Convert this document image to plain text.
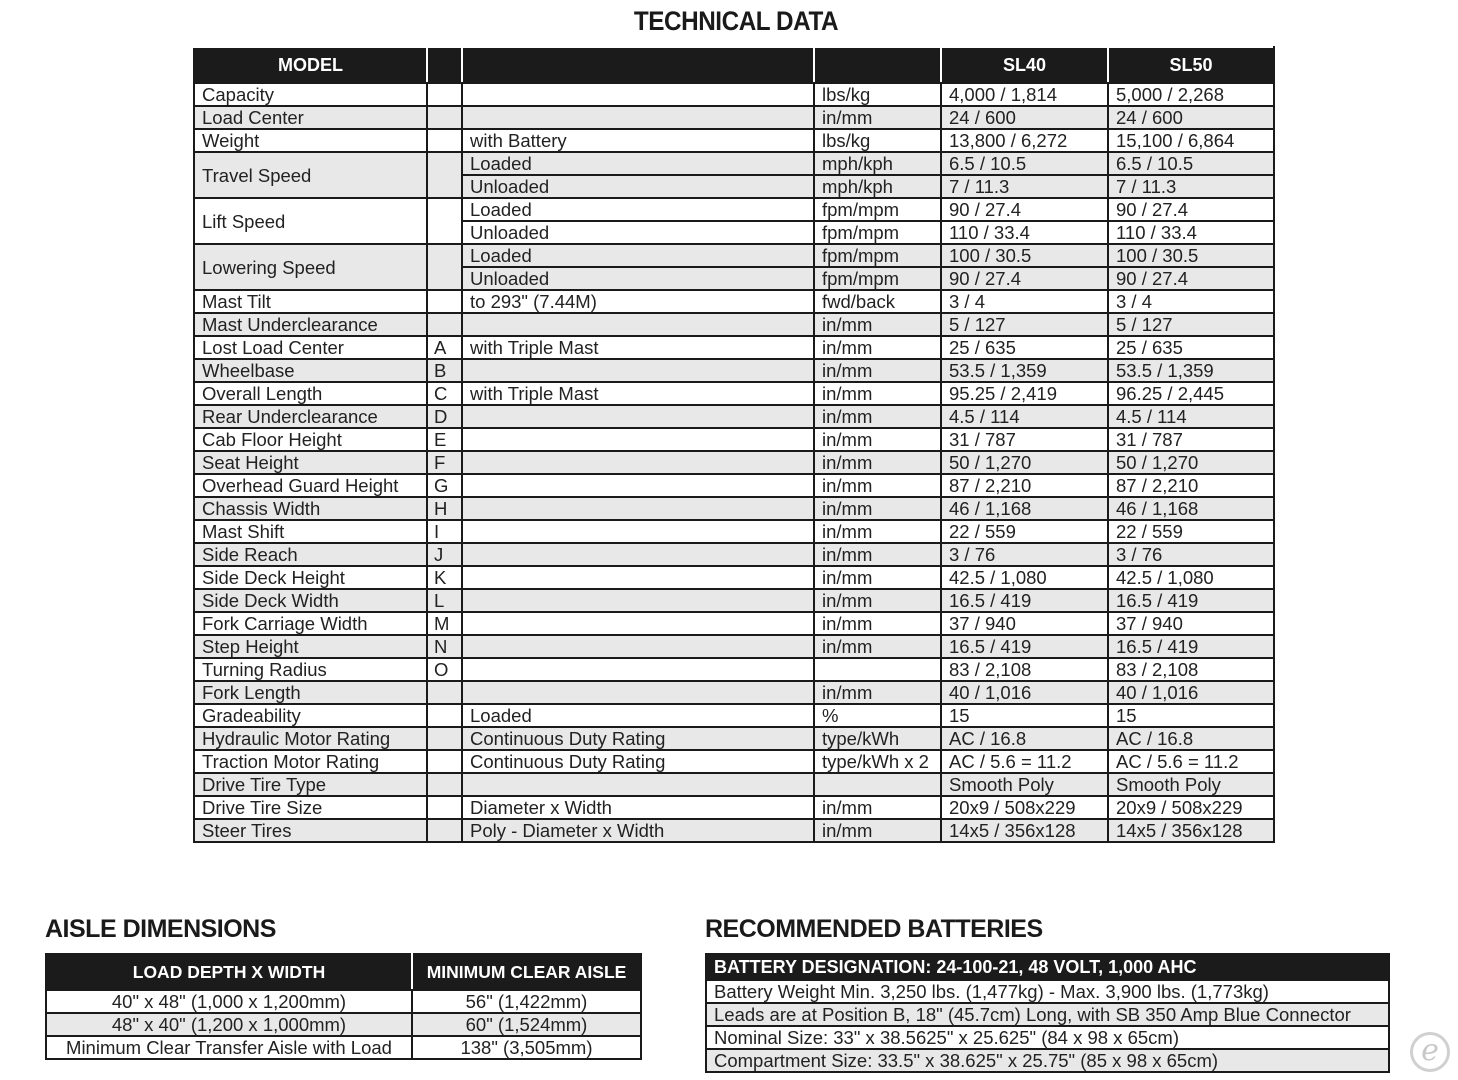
TECHNICAL DATA
MODEL				SL40	SL50
Capacity			lbs/kg	4,000 / 1,814	5,000 / 2,268
Load Center			in/mm	24 / 600	24 / 600
Weight		with Battery	lbs/kg	13,800 / 6,272	15,100 / 6,864
Travel Speed		Loaded	mph/kph	6.5 / 10.5	6.5 / 10.5
		Unloaded	mph/kph	7 / 11.3	7 / 11.3
Lift Speed		Loaded	fpm/mpm	90 / 27.4	90 / 27.4
		Unloaded	fpm/mpm	110 / 33.4	110 / 33.4
Lowering Speed		Loaded	fpm/mpm	100 / 30.5	100 / 30.5
		Unloaded	fpm/mpm	90 / 27.4	90 / 27.4
Mast Tilt		to 293" (7.44M)	fwd/back	3 / 4	3 / 4
Mast Underclearance			in/mm	5 / 127	5 / 127
Lost Load Center	A	with Triple Mast	in/mm	25 / 635	25 / 635
Wheelbase	B		in/mm	53.5 / 1,359	53.5 / 1,359
Overall Length	C	with Triple Mast	in/mm	95.25 / 2,419	96.25 / 2,445
Rear Underclearance	D		in/mm	4.5 / 114	4.5 / 114
Cab Floor Height	E		in/mm	31 / 787	31 / 787
Seat Height	F		in/mm	50 / 1,270	50 / 1,270
Overhead Guard Height	G		in/mm	87 / 2,210	87 / 2,210
Chassis Width	H		in/mm	46 / 1,168	46 / 1,168
Mast Shift	I		in/mm	22 / 559	22 / 559
Side Reach	J		in/mm	3 / 76	3 / 76
Side Deck Height	K		in/mm	42.5 / 1,080	42.5 / 1,080
Side Deck Width	L		in/mm	16.5 / 419	16.5 / 419
Fork Carriage Width	M		in/mm	37 / 940	37 / 940
Step Height	N		in/mm	16.5 / 419	16.5 / 419
Turning Radius	O			83 / 2,108	83 / 2,108
Fork Length			in/mm	40 / 1,016	40 / 1,016
Gradeability		Loaded	%	15	15
Hydraulic Motor Rating		Continuous Duty Rating	type/kWh	AC / 16.8	AC / 16.8
Traction Motor Rating		Continuous Duty Rating	type/kWh x 2	AC / 5.6 = 11.2	AC / 5.6 = 11.2
Drive Tire Type				Smooth Poly	Smooth Poly
Drive Tire Size		Diameter x Width	in/mm	20x9 / 508x229	20x9 / 508x229
Steer Tires		Poly - Diameter x Width	in/mm	14x5 / 356x128	14x5 / 356x128
AISLE DIMENSIONS
LOAD DEPTH X WIDTH	MINIMUM CLEAR AISLE
40" x 48" (1,000 x 1,200mm)	56" (1,422mm)
48" x 40" (1,200 x 1,000mm)	60" (1,524mm)
Minimum Clear Transfer Aisle with Load	138" (3,505mm)
RECOMMENDED BATTERIES
BATTERY DESIGNATION: 24-100-21, 48 VOLT, 1,000 AHC
Battery Weight Min. 3,250 lbs. (1,477kg) - Max. 3,900 lbs. (1,773kg)
Leads are at Position B, 18" (45.7cm) Long, with SB 350 Amp Blue Connector
Nominal Size: 33" x 38.5625" x 25.625" (84 x 98 x 65cm)
Compartment Size: 33.5" x 38.625" x 25.75" (85 x 98 x 65cm)	e
